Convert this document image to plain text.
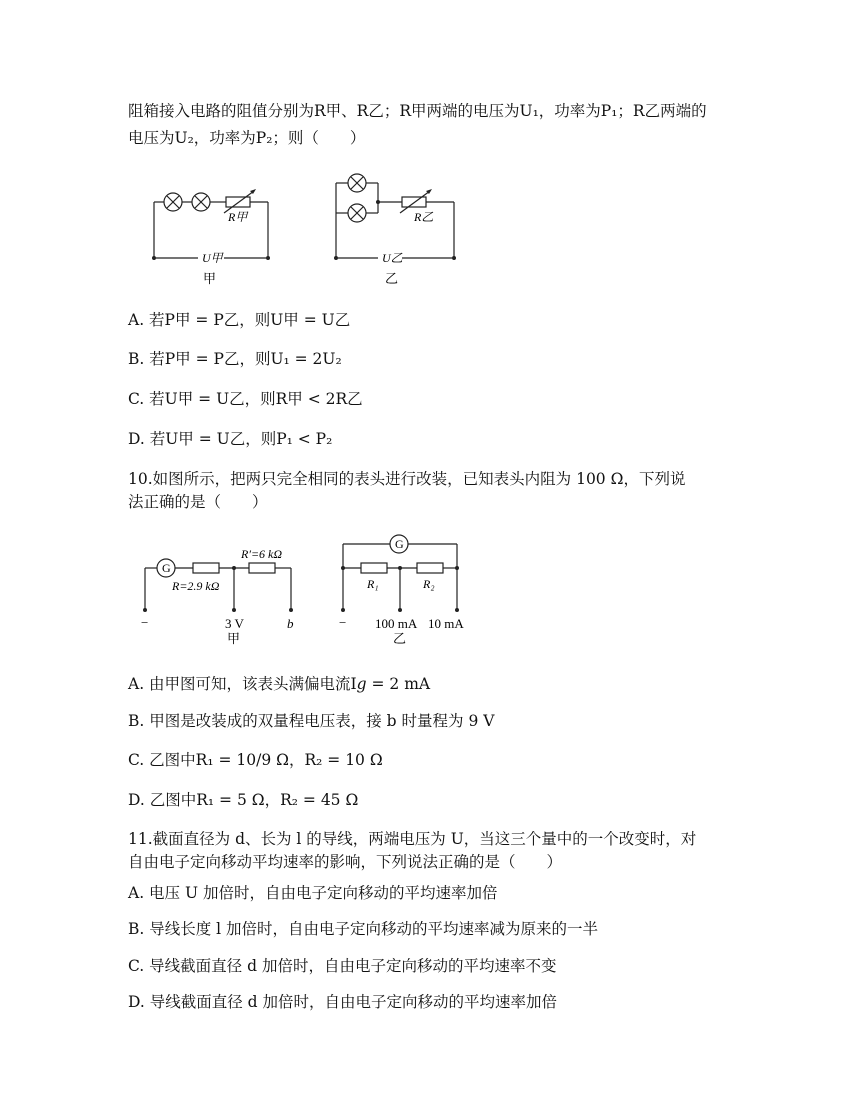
阻箱接入电路的阻值分别为R甲、R乙；R甲两端的电压为U₁，功率为P₁；R乙两端的
电压为U₂，功率为P₂；则（　　）
R甲
U甲
甲
R乙
U乙
乙
A. 若P甲 = P乙，则U甲 = U乙
B. 若P甲 = P乙，则U₁ = 2U₂
C. 若U甲 = U乙，则R甲 < 2R乙
D. 若U甲 = U乙，则P₁ < P₂
10.如图所示，把两只完全相同的表头进行改装，已知表头内阻为 100 Ω，下列说
法正确的是（　　）
G
R=2.9 kΩ
R′=6 kΩ
−	3 V	b
甲
G
R₁	R₂
− 100 mA 10 mA
乙
A. 由甲图可知，该表头满偏电流I𝑔 = 2 mA
B. 甲图是改装成的双量程电压表，接 b 时量程为 9 V
C. 乙图中R₁ = 10/9 Ω，R₂ = 10 Ω
D. 乙图中R₁ = 5 Ω，R₂ = 45 Ω
11.截面直径为 d、长为 l 的导线，两端电压为 U，当这三个量中的一个改变时，对
自由电子定向移动平均速率的影响，下列说法正确的是（　　）
A. 电压 U 加倍时，自由电子定向移动的平均速率加倍
B. 导线长度 l 加倍时，自由电子定向移动的平均速率减为原来的一半
C. 导线截面直径 d 加倍时，自由电子定向移动的平均速率不变
D. 导线截面直径 d 加倍时，自由电子定向移动的平均速率加倍
